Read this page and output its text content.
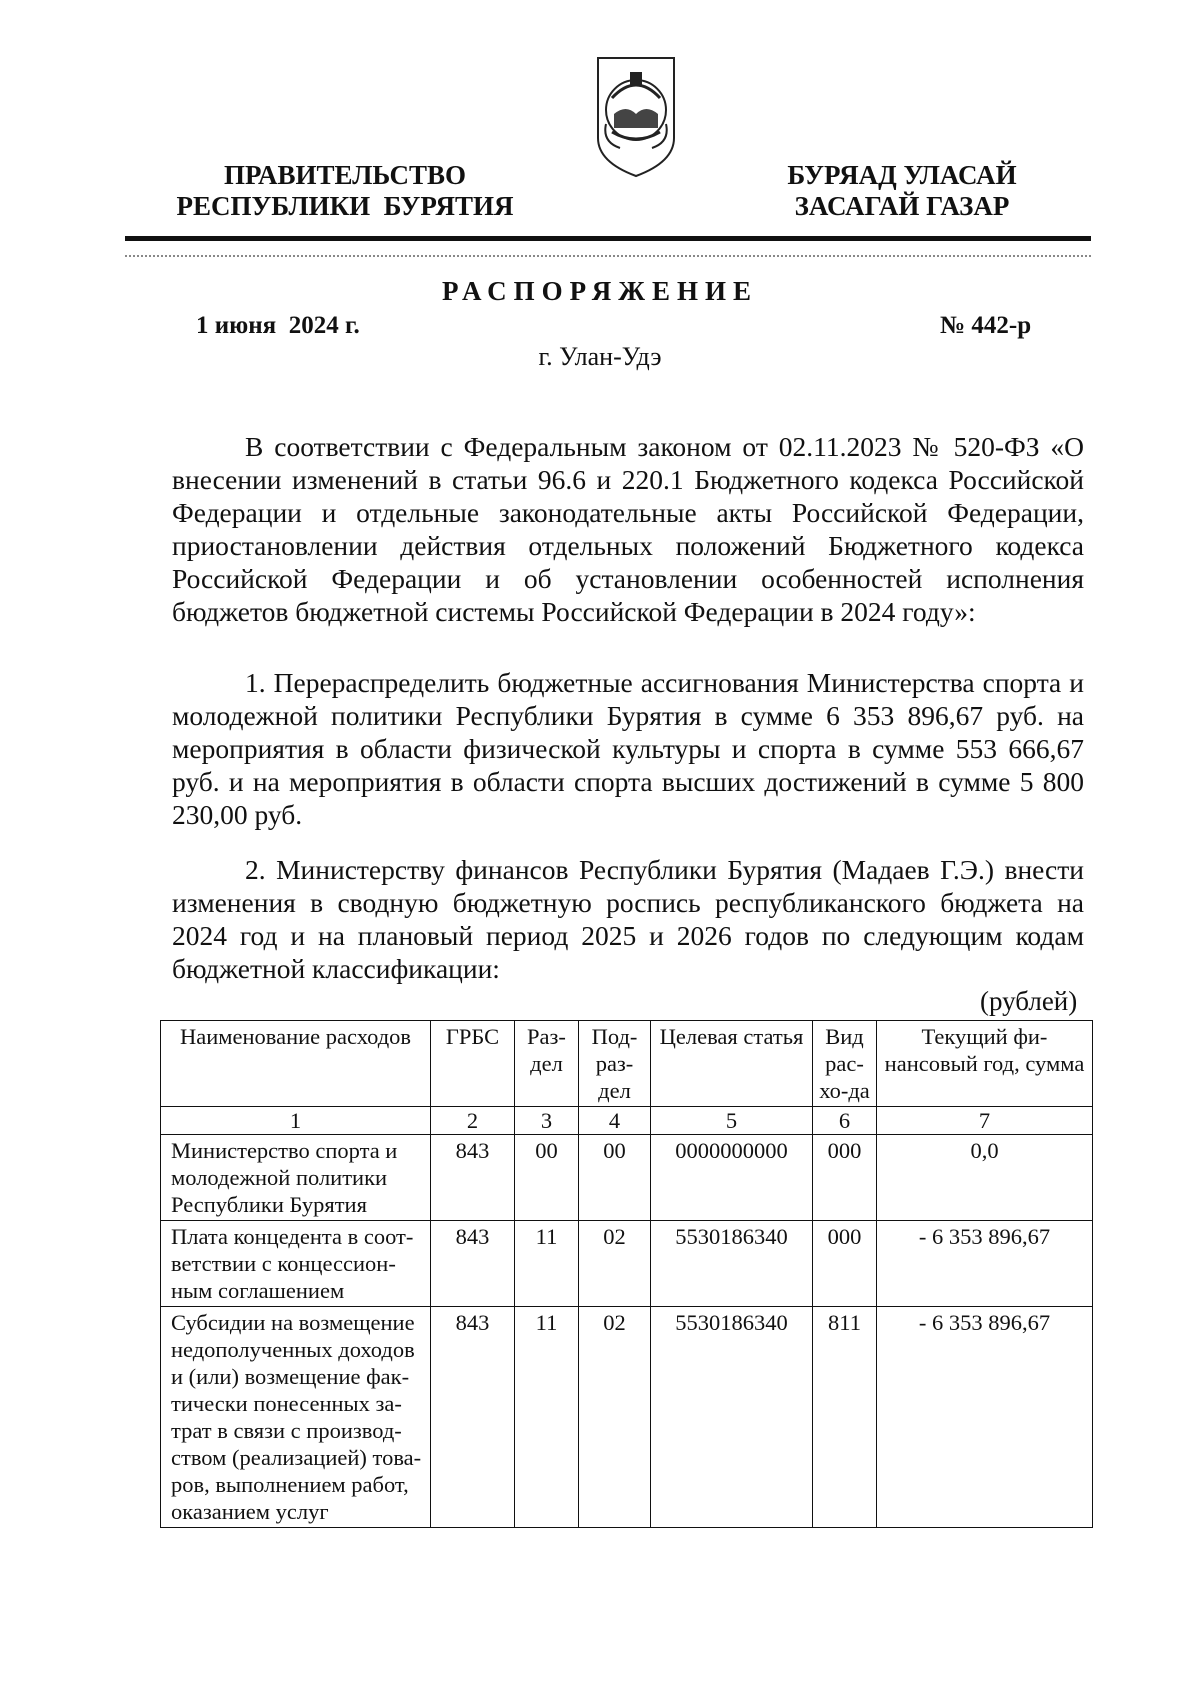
ПРАВИТЕЛЬСТВО
РЕСПУБЛИКИ  БУРЯТИЯ
БУРЯАД УЛАСАЙ
ЗАСАГАЙ ГАЗАР
РАСПОРЯЖЕНИЕ
1 июня  2024 г.	№ 442-р
г. Улан-Удэ

В соответствии с Федеральным законом от 02.11.2023 № 520-ФЗ «О внесении изменений в статьи 96.6 и 220.1 Бюджетного кодекса Российской Федерации и отдельные законодательные акты Российской Федерации, приостановлении действия отдельных положений Бюджетного кодекса Российской Федерации и об установлении особенностей исполнения бюджетов бюджетной системы Российской Федерации в 2024 году»:

1. Перераспределить бюджетные ассигнования Министерства спорта и молодежной политики Республики Бурятия в сумме 6 353 896,67 руб. на мероприятия в области физической культуры и спорта в сумме 553 666,67 руб. и на мероприятия в области спорта высших достижений в сумме 5 800 230,00 руб.

2. Министерству финансов Республики Бурятия (Мадаев Г.Э.) внести изменения в сводную бюджетную роспись республиканского бюджета на 2024 год и на плановый период 2025 и 2026 годов по следующим кодам бюджетной классификации:

(рублей)
Наименование расходов	ГРБС	Раз-дел	Под-раз-дел	Целевая статья	Вид рас-хо-да	Текущий фи-нансовый год, сумма
1	2	3	4	5	6	7
Министерство спорта и молодежной политики Республики Бурятия	843	00	00	0000000000	000	0,0
Плата концедента в соответствии с концессионным соглашением	843	11	02	5530186340	000	- 6 353 896,67
Субсидии на возмещение недополученных доходов и (или) возмещение фактически понесенных затрат в связи с производством (реализацией) товаров, выполнением работ, оказанием услуг	843	11	02	5530186340	811	- 6 353 896,67
